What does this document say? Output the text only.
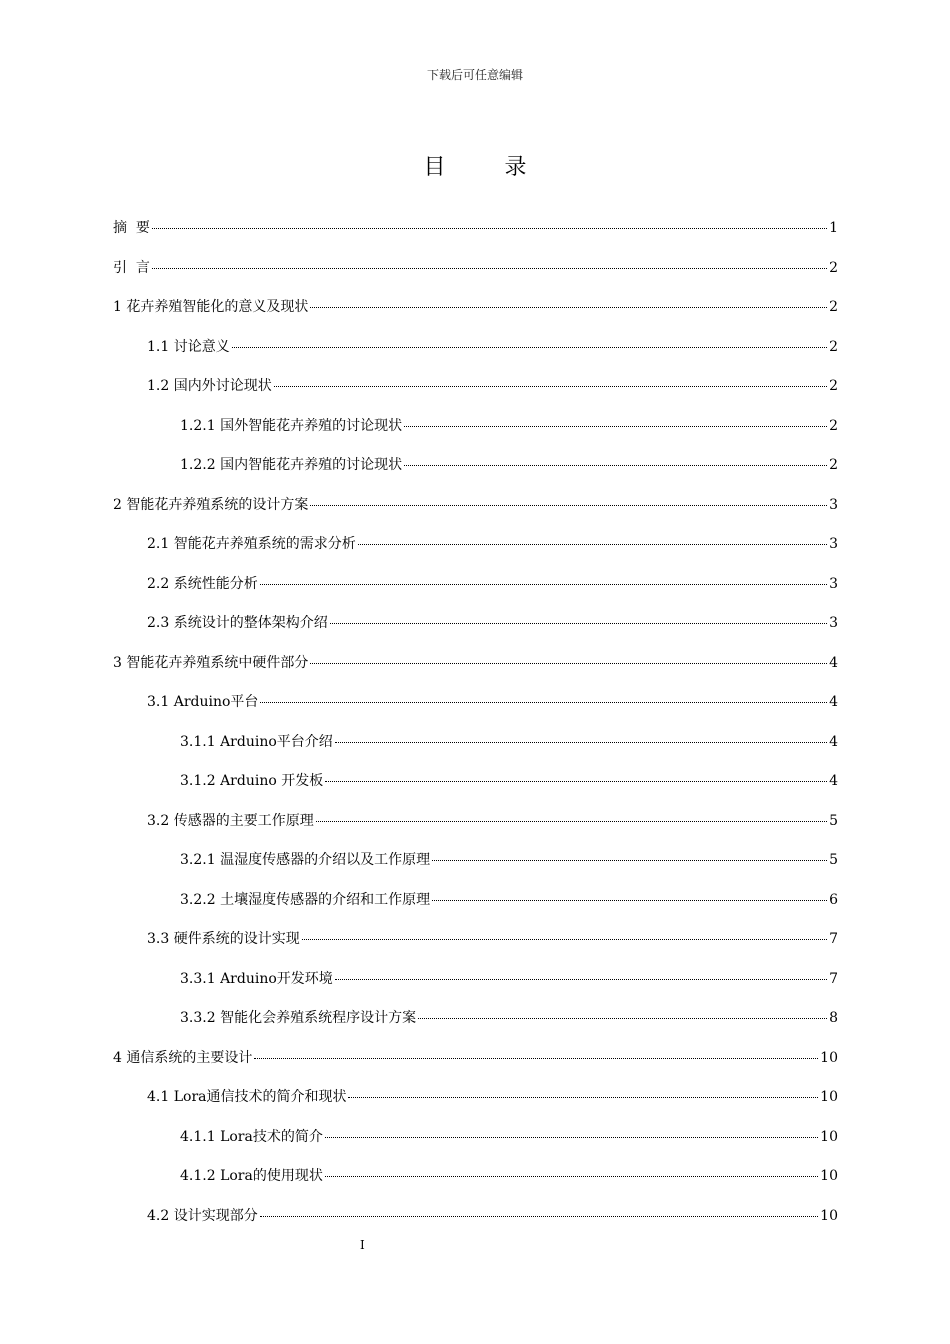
下载后可任意编辑
目 录
摘  要	1
引  言	2
1 花卉养殖智能化的意义及现状	2
1.1 讨论意义	2
1.2 国内外讨论现状	2
1.2.1 国外智能花卉养殖的讨论现状	2
1.2.2 国内智能花卉养殖的讨论现状	2
2 智能花卉养殖系统的设计方案	3
2.1 智能花卉养殖系统的需求分析	3
2.2 系统性能分析	3
2.3 系统设计的整体架构介绍	3
3 智能花卉养殖系统中硬件部分	4
3.1 Arduino平台	4
3.1.1 Arduino平台介绍	4
3.1.2 Arduino 开发板	4
3.2 传感器的主要工作原理	5
3.2.1 温湿度传感器的介绍以及工作原理	5
3.2.2 土壤湿度传感器的介绍和工作原理	6
3.3 硬件系统的设计实现	7
3.3.1 Arduino开发环境	7
3.3.2 智能化会养殖系统程序设计方案	8
4 通信系统的主要设计	10
4.1 Lora通信技术的简介和现状	10
4.1.1 Lora技术的简介	10
4.1.2 Lora的使用现状	10
4.2 设计实现部分	10
I
